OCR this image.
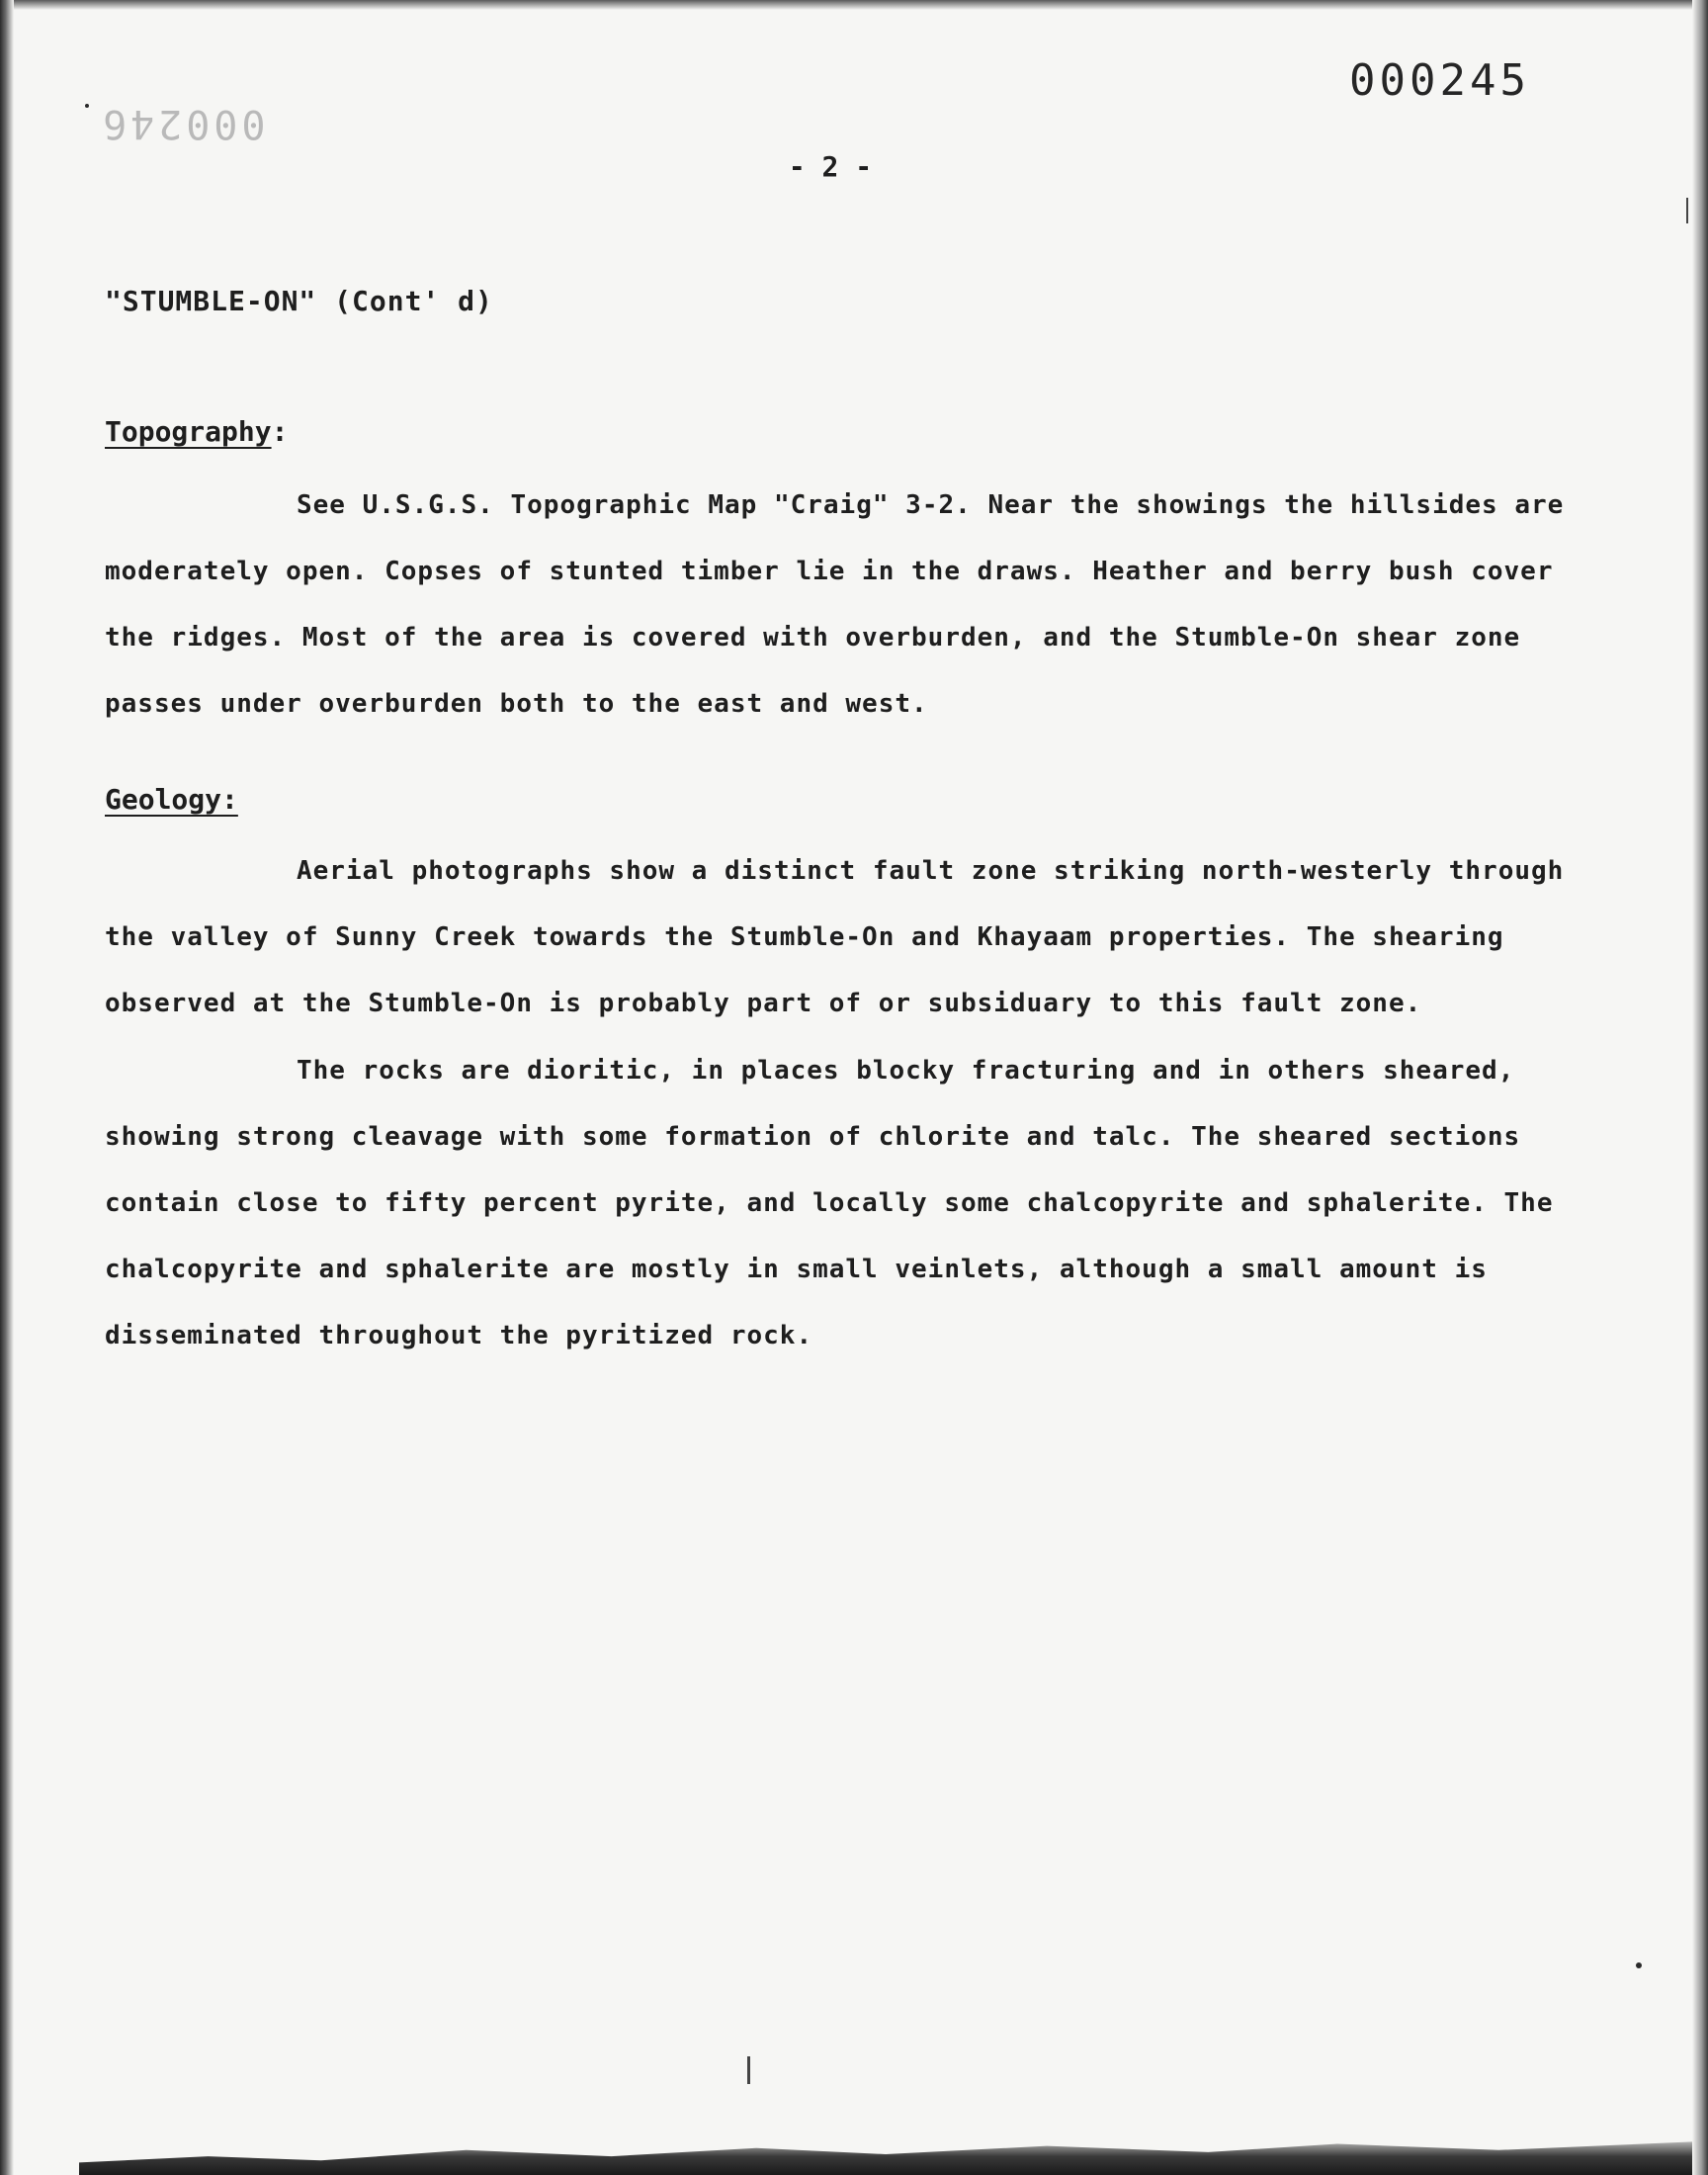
000245
000246
- 2 -
"STUMBLE-ON" (Cont' d)
Topography:

See U.S.G.S. Topographic Map "Craig" 3-2. Near the showings the hillsides are moderately open. Copses of stunted timber lie in the draws. Heather and berry bush cover the ridges. Most of the area is covered with overburden, and the Stumble-On shear zone passes under overburden both to the east and west.

Geology:

Aerial photographs show a distinct fault zone striking north-westerly through the valley of Sunny Creek towards the Stumble-On and Khayaam properties. The shearing observed at the Stumble-On is probably part of or subsiduary to this fault zone.

The rocks are dioritic, in places blocky fracturing and in others sheared, showing strong cleavage with some formation of chlorite and talc. The sheared sections contain close to fifty percent pyrite, and locally some chalcopyrite and sphalerite. The chalcopyrite and sphalerite are mostly in small veinlets, although a small amount is disseminated throughout the pyritized rock.
